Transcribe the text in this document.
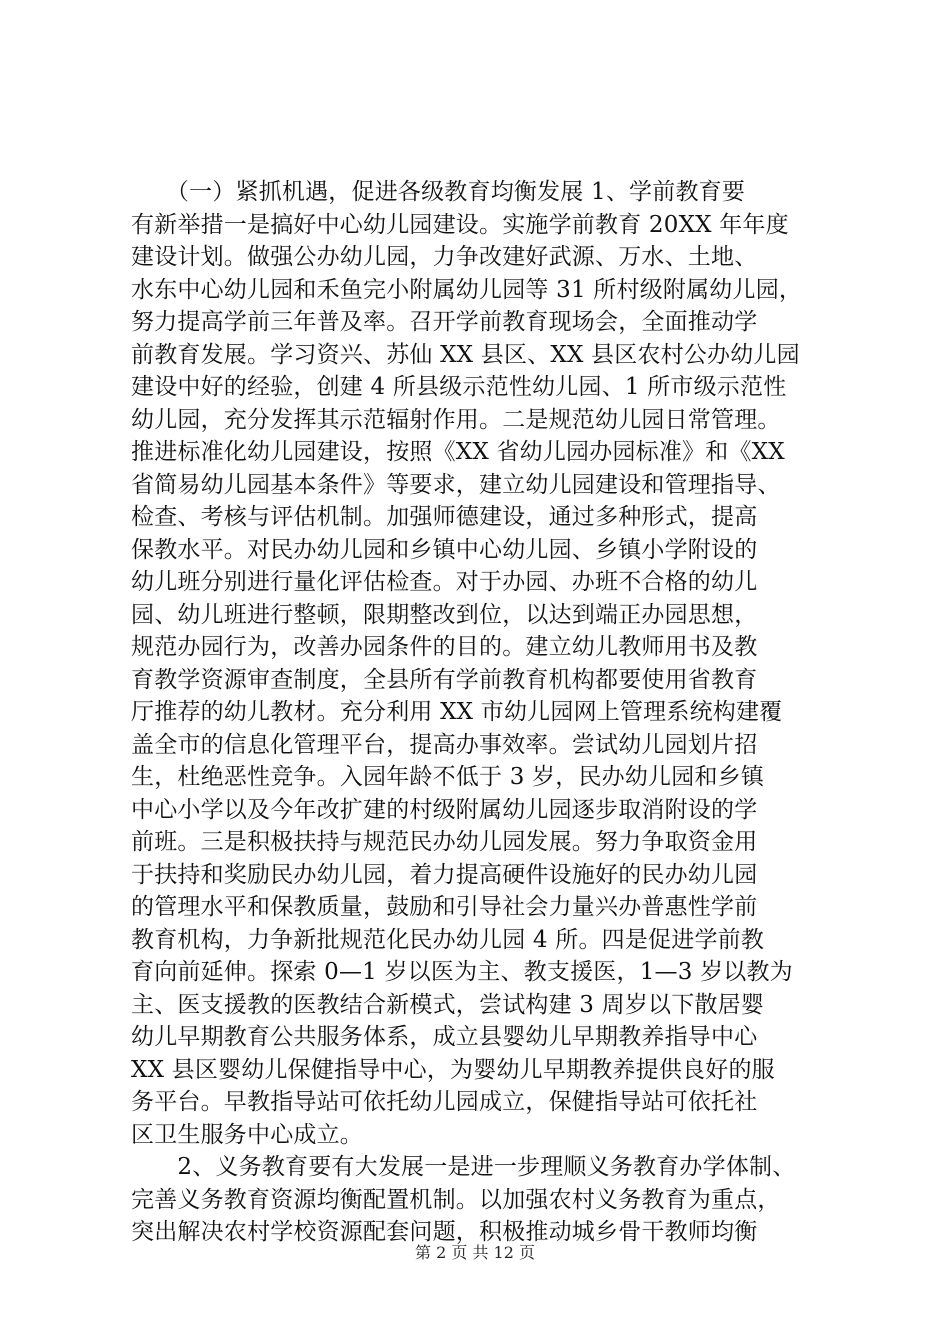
　　（一）紧抓机遇，促进各级教育均衡发展 1、学前教育要
有新举措一是搞好中心幼儿园建设。实施学前教育 20XX 年年度
建设计划。做强公办幼儿园，力争改建好武源、万水、土地、
水东中心幼儿园和禾鱼完小附属幼儿园等 31 所村级附属幼儿园，
努力提高学前三年普及率。召开学前教育现场会，全面推动学
前教育发展。学习资兴、苏仙 XX 县区、XX 县区农村公办幼儿园
建设中好的经验，创建 4 所县级示范性幼儿园、1 所市级示范性
幼儿园，充分发挥其示范辐射作用。二是规范幼儿园日常管理。
推进标准化幼儿园建设，按照《XX 省幼儿园办园标准》和《XX
省简易幼儿园基本条件》等要求，建立幼儿园建设和管理指导、
检查、考核与评估机制。加强师德建设，通过多种形式，提高
保教水平。对民办幼儿园和乡镇中心幼儿园、乡镇小学附设的
幼儿班分别进行量化评估检查。对于办园、办班不合格的幼儿
园、幼儿班进行整顿，限期整改到位，以达到端正办园思想，
规范办园行为，改善办园条件的目的。建立幼儿教师用书及教
育教学资源审查制度，全县所有学前教育机构都要使用省教育
厅推荐的幼儿教材。充分利用 XX 市幼儿园网上管理系统构建覆
盖全市的信息化管理平台，提高办事效率。尝试幼儿园划片招
生，杜绝恶性竞争。入园年龄不低于 3 岁，民办幼儿园和乡镇
中心小学以及今年改扩建的村级附属幼儿园逐步取消附设的学
前班。三是积极扶持与规范民办幼儿园发展。努力争取资金用
于扶持和奖励民办幼儿园，着力提高硬件设施好的民办幼儿园
的管理水平和保教质量，鼓励和引导社会力量兴办普惠性学前
教育机构，力争新批规范化民办幼儿园 4 所。四是促进学前教
育向前延伸。探索 0—1 岁以医为主、教支援医，1—3 岁以教为
主、医支援教的医教结合新模式，尝试构建 3 周岁以下散居婴
幼儿早期教育公共服务体系，成立县婴幼儿早期教养指导中心
XX 县区婴幼儿保健指导中心，为婴幼儿早期教养提供良好的服
务平台。早教指导站可依托幼儿园成立，保健指导站可依托社
区卫生服务中心成立。
　　2、义务教育要有大发展一是进一步理顺义务教育办学体制、
完善义务教育资源均衡配置机制。以加强农村义务教育为重点，
突出解决农村学校资源配套问题，积极推动城乡骨干教师均衡
第 2 页 共 12 页
